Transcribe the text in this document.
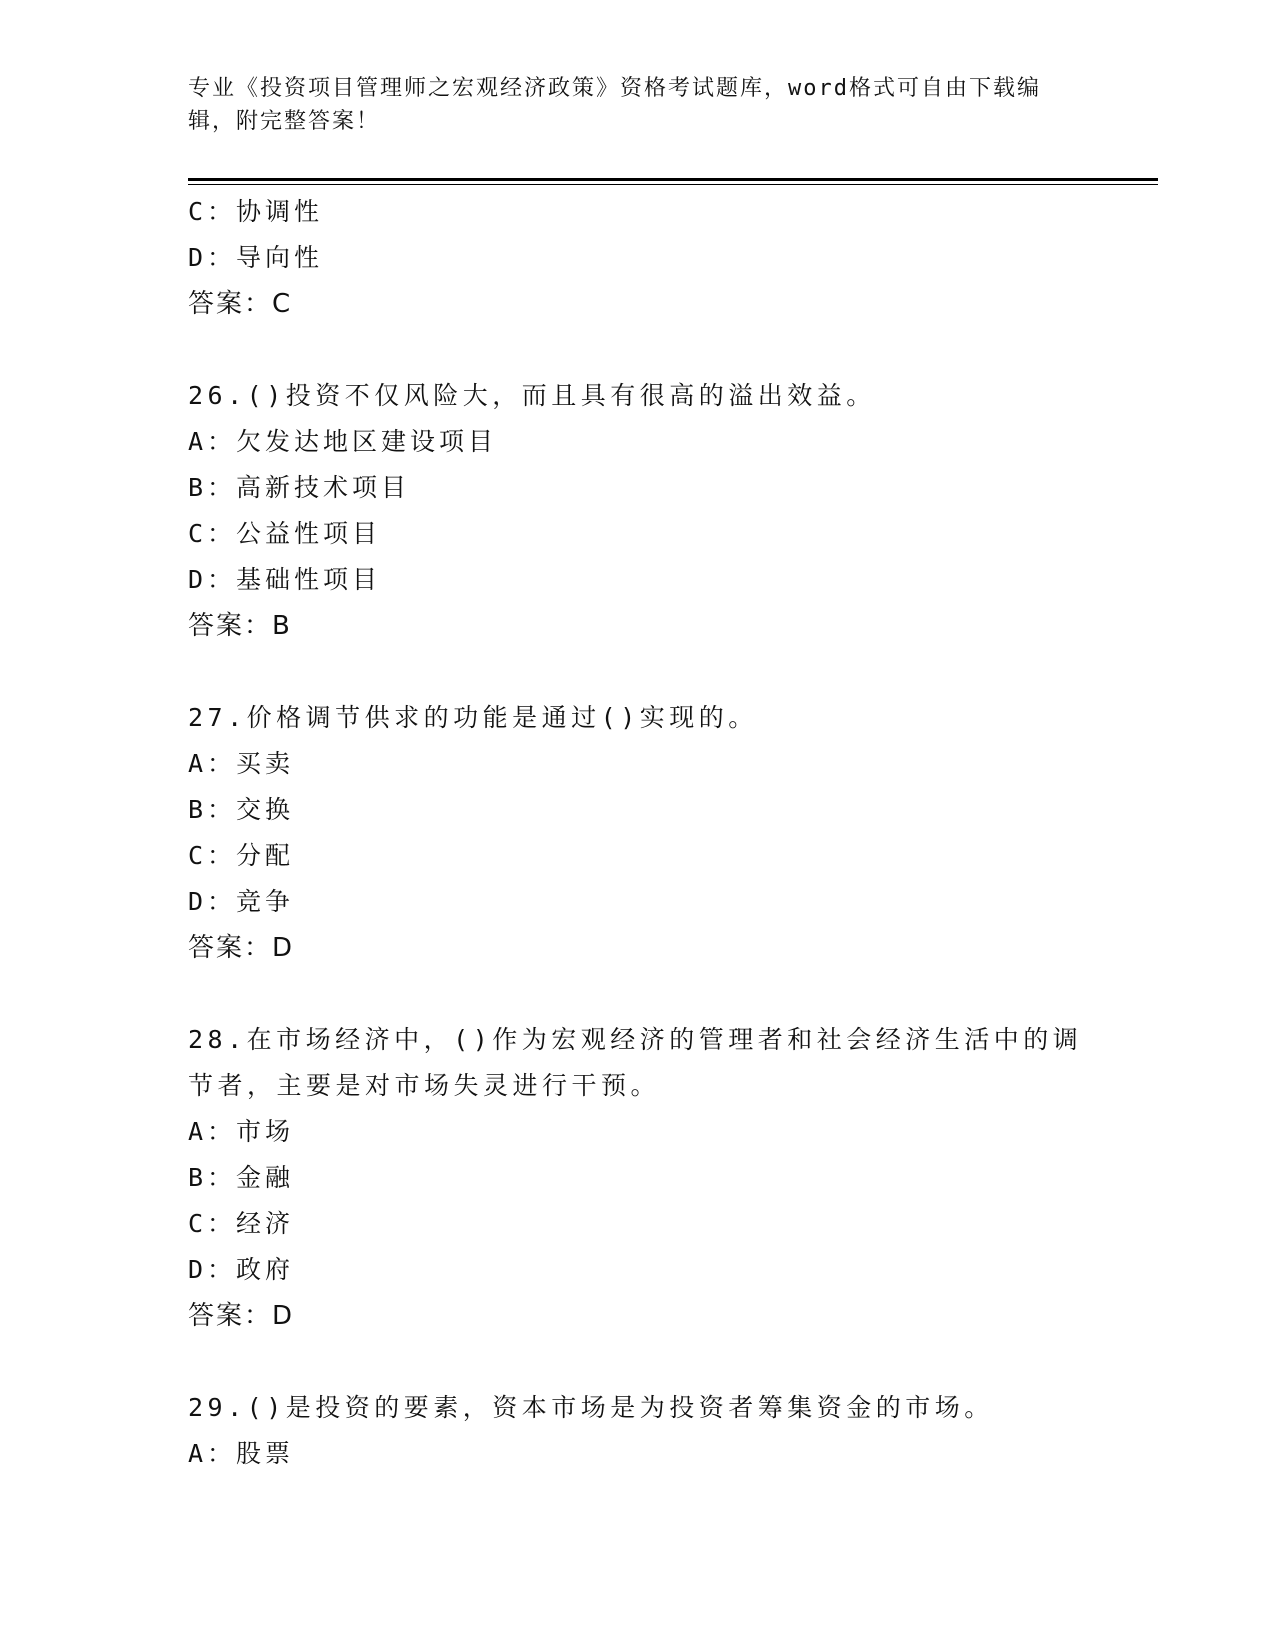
专业《投资项目管理师之宏观经济政策》资格考试题库，word格式可自由下载编辑，附完整答案！
C：协调性
D：导向性
答案：C
26.()投资不仅风险大，而且具有很高的溢出效益。
A：欠发达地区建设项目
B：高新技术项目
C：公益性项目
D：基础性项目
答案：B
27.价格调节供求的功能是通过()实现的。
A：买卖
B：交换
C：分配
D：竞争
答案：D
28.在市场经济中，()作为宏观经济的管理者和社会经济生活中的调节者，主要是对市场失灵进行干预。
A：市场
B：金融
C：经济
D：政府
答案：D
29.()是投资的要素，资本市场是为投资者筹集资金的市场。
A：股票
